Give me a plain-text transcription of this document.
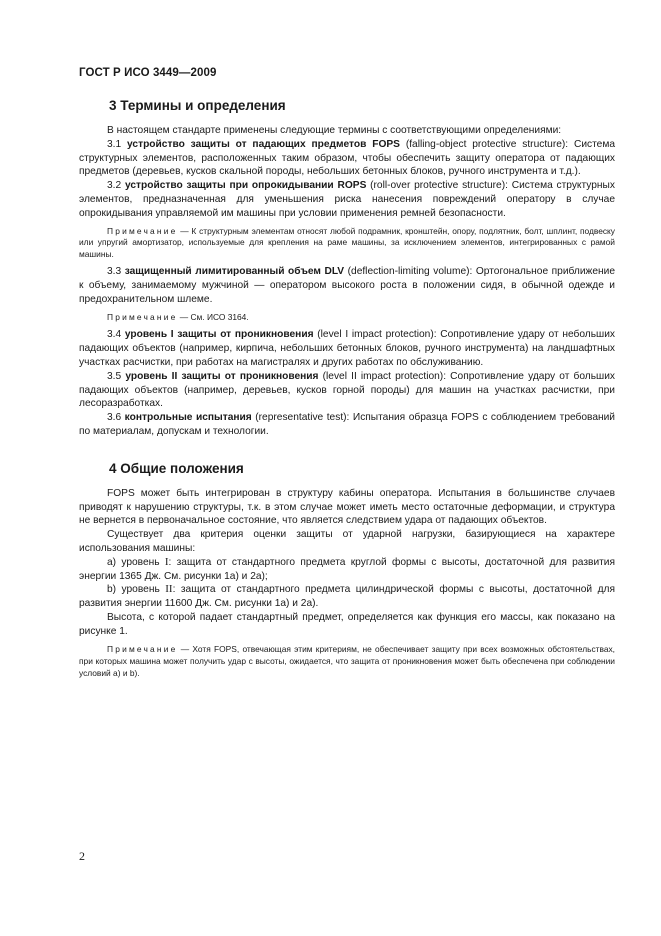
ГОСТ Р ИСО 3449—2009
3 Термины и определения

В настоящем стандарте применены следующие термины с соответствующими определениями:

3.1 устройство защиты от падающих предметов FOPS (falling-object protective structure): Система структурных элементов, расположенных таким образом, чтобы обеспечить защиту оператора от падающих предметов (деревьев, кусков скальной породы, небольших бетонных блоков, ручного инструмента и т.д.).

3.2 устройство защиты при опрокидывании ROPS (roll-over protective structure): Система структурных элементов, предназначенная для уменьшения риска нанесения повреждений оператору в случае опрокидывания управляемой им машины при условии применения ремней безопасности.

Примечание — К структурным элементам относят любой подрамник, кронштейн, опору, подлятник, болт, шплинт, подвеску или упругий амортизатор, используемые для крепления на раме машины, за исключением элементов, интегрированных с рамой машины.

3.3 защищенный лимитированный объем DLV (deflection-limiting volume): Ортогональное приближение к объему, занимаемому мужчиной — оператором высокого роста в положении сидя, в обычной одежде и предохранительном шлеме.

Примечание — См. ИСО 3164.

3.4 уровень I защиты от проникновения (level I impact protection): Сопротивление удару от небольших падающих объектов (например, кирпича, небольших бетонных блоков, ручного инструмента) на ландшафтных участках расчистки, при работах на магистралях и других работах по обслуживанию.

3.5 уровень II защиты от проникновения (level II impact protection): Сопротивление удару от больших падающих объектов (например, деревьев, кусков горной породы) для машин на участках расчистки, при лесоразработках.

3.6 контрольные испытания (representative test): Испытания образца FOPS с соблюдением требований по материалам, допускам и технологии.

4 Общие положения

FOPS может быть интегрирован в структуру кабины оператора. Испытания в большинстве случаев приводят к нарушению структуры, т.к. в этом случае может иметь место остаточные деформации, и структура не вернется в первоначальное состояние, что является следствием удара от падающих объектов.

Существует два критерия оценки защиты от ударной нагрузки, базирующиеся на характере использования машины:

a) уровень I: защита от стандартного предмета круглой формы с высоты, достаточной для развития энергии 1365 Дж. См. рисунки 1а) и 2а);

b) уровень II: защита от стандартного предмета цилиндрической формы с высоты, достаточной для развития энергии 11600 Дж. См. рисунки 1а) и 2а).

Высота, с которой падает стандартный предмет, определяется как функция его массы, как показано на рисунке 1.

Примечание — Хотя FOPS, отвечающая этим критериям, не обеспечивает защиту при всех возможных обстоятельствах, при которых машина может получить удар с высоты, ожидается, что защита от проникновения может быть обеспечена при соблюдении условий а) и b).
2
